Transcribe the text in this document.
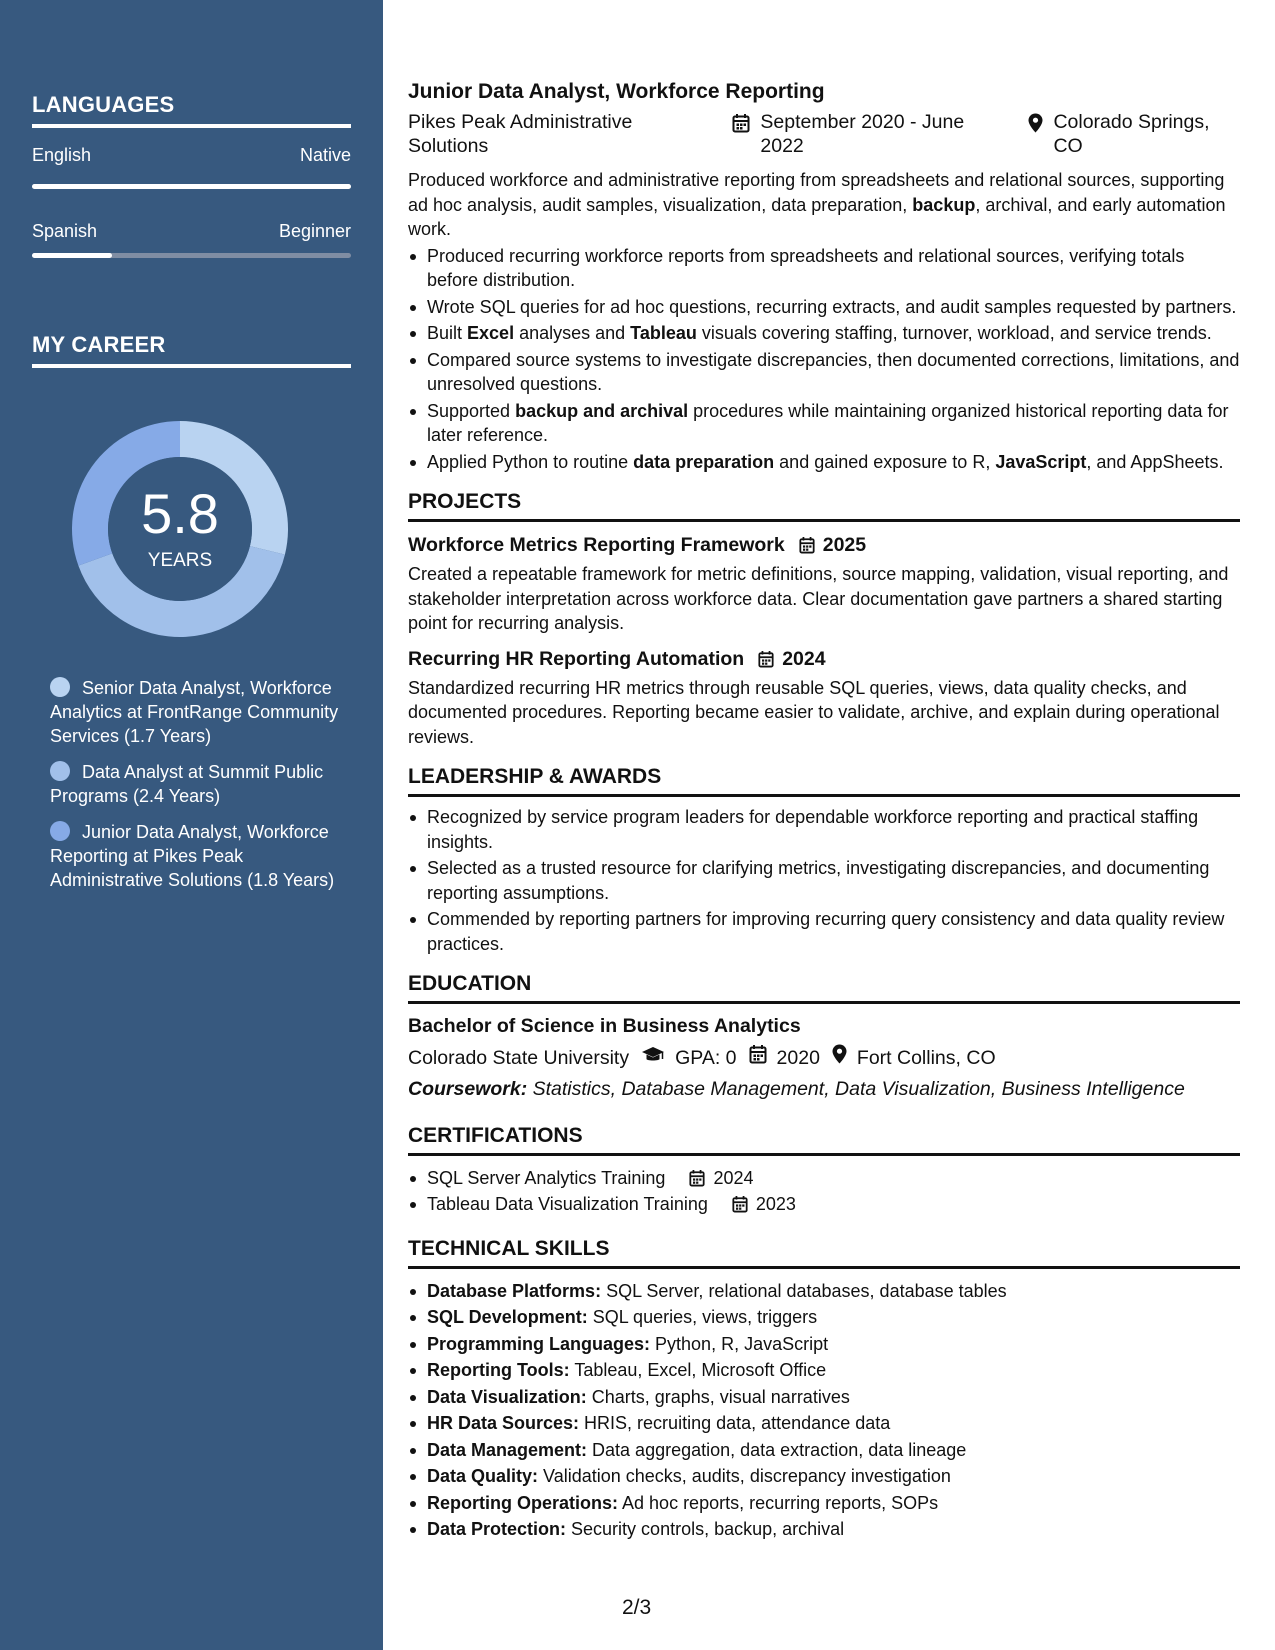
LANGUAGES
English	Native
Spanish	Beginner
MY CAREER
5.8
YEARS
Senior Data Analyst, Workforce Analytics at FrontRange Community Services (1.7 Years)
Data Analyst at Summit Public Programs (2.4 Years)
Junior Data Analyst, Workforce Reporting at Pikes Peak Administrative Solutions (1.8 Years)
Junior Data Analyst, Workforce Reporting
Pikes Peak Administrative Solutions
September 2020 - June 2022
Colorado Springs, CO

Produced workforce and administrative reporting from spreadsheets and relational sources, supporting ad hoc analysis, audit samples, visualization, data preparation, backup, archival, and early automation work.

Produced recurring workforce reports from spreadsheets and relational sources, verifying totals before distribution.
Wrote SQL queries for ad hoc questions, recurring extracts, and audit samples requested by partners.
Built Excel analyses and Tableau visuals covering staffing, turnover, workload, and service trends.
Compared source systems to investigate discrepancies, then documented corrections, limitations, and unresolved questions.
Supported backup and archival procedures while maintaining organized historical reporting data for later reference.
Applied Python to routine data preparation and gained exposure to R, JavaScript, and AppSheets.
PROJECTS
Workforce Metrics Reporting Framework 2025

Created a repeatable framework for metric definitions, source mapping, validation, visual reporting, and stakeholder interpretation across workforce data. Clear documentation gave partners a shared starting point for recurring analysis.

Recurring HR Reporting Automation 2024

Standardized recurring HR metrics through reusable SQL queries, views, data quality checks, and documented procedures. Reporting became easier to validate, archive, and explain during operational reviews.

LEADERSHIP & AWARDS
Recognized by service program leaders for dependable workforce reporting and practical staffing insights.
Selected as a trusted resource for clarifying metrics, investigating discrepancies, and documenting reporting assumptions.
Commended by reporting partners for improving recurring query consistency and data quality review practices.
EDUCATION
Bachelor of Science in Business Analytics
Colorado State University GPA: 0 2020 Fort Collins, CO
Coursework: Statistics, Database Management, Data Visualization, Business Intelligence
CERTIFICATIONS
SQL Server Analytics Training	2024
Tableau Data Visualization Training	2023
TECHNICAL SKILLS
Database Platforms: SQL Server, relational databases, database tables
SQL Development: SQL queries, views, triggers
Programming Languages: Python, R, JavaScript
Reporting Tools: Tableau, Excel, Microsoft Office
Data Visualization: Charts, graphs, visual narratives
HR Data Sources: HRIS, recruiting data, attendance data
Data Management: Data aggregation, data extraction, data lineage
Data Quality: Validation checks, audits, discrepancy investigation
Reporting Operations: Ad hoc reports, recurring reports, SOPs
Data Protection: Security controls, backup, archival
2/3
